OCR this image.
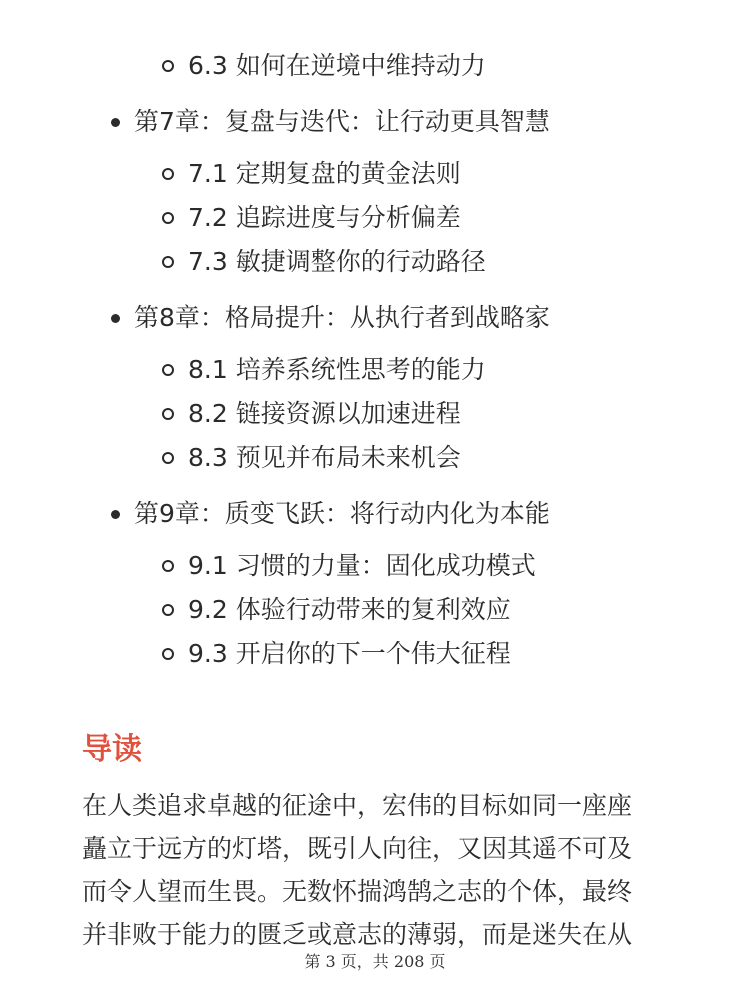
6.3 如何在逆境中维持动力
第7章：复盘与迭代：让行动更具智慧
7.1 定期复盘的黄金法则
7.2 追踪进度与分析偏差
7.3 敏捷调整你的行动路径
第8章：格局提升：从执行者到战略家
8.1 培养系统性思考的能力
8.2 链接资源以加速进程
8.3 预见并布局未来机会
第9章：质变飞跃：将行动内化为本能
9.1 习惯的力量：固化成功模式
9.2 体验行动带来的复利效应
9.3 开启你的下一个伟大征程
导读
在人类追求卓越的征途中，宏伟的目标如同一座座
矗立于远方的灯塔，既引人向往，又因其遥不可及
而令人望而生畏。无数怀揣鸿鹄之志的个体，最终
并非败于能力的匮乏或意志的薄弱，而是迷失在从
第 3 页，共 208 页
